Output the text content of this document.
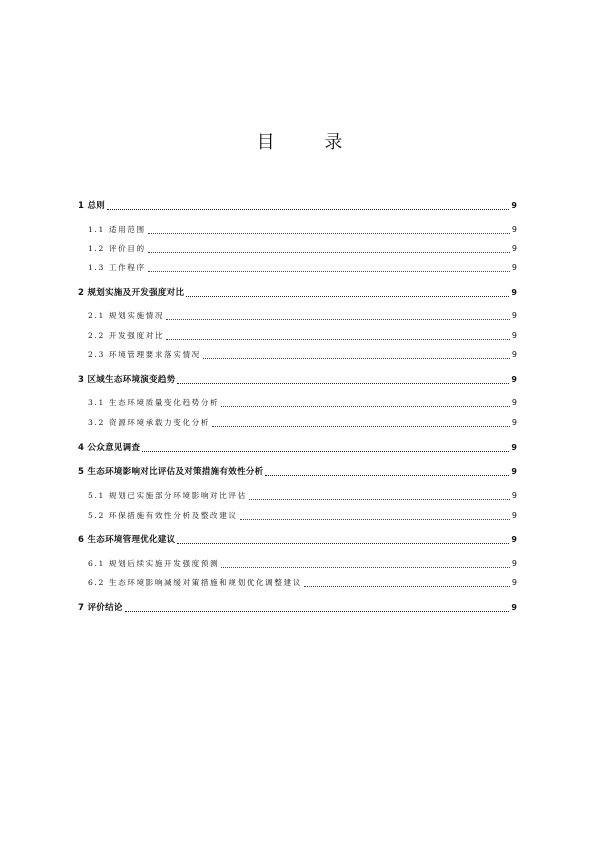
目 录
1 总则	9
1.1 适用范围	9
1.2 评价目的	9
1.3 工作程序	9
2 规划实施及开发强度对比	9
2.1 规划实施情况	9
2.2 开发强度对比	9
2.3 环境管理要求落实情况	9
3 区域生态环境演变趋势	9
3.1 生态环境质量变化趋势分析	9
3.2 资源环境承载力变化分析	9
4 公众意见调查	9
5 生态环境影响对比评估及对策措施有效性分析	9
5.1 规划已实施部分环境影响对比评估	9
5.2 环保措施有效性分析及整改建议	9
6 生态环境管理优化建议	9
6.1 规划后续实施开发强度预测	9
6.2 生态环境影响减缓对策措施和规划优化调整建议	9
7 评价结论	9
